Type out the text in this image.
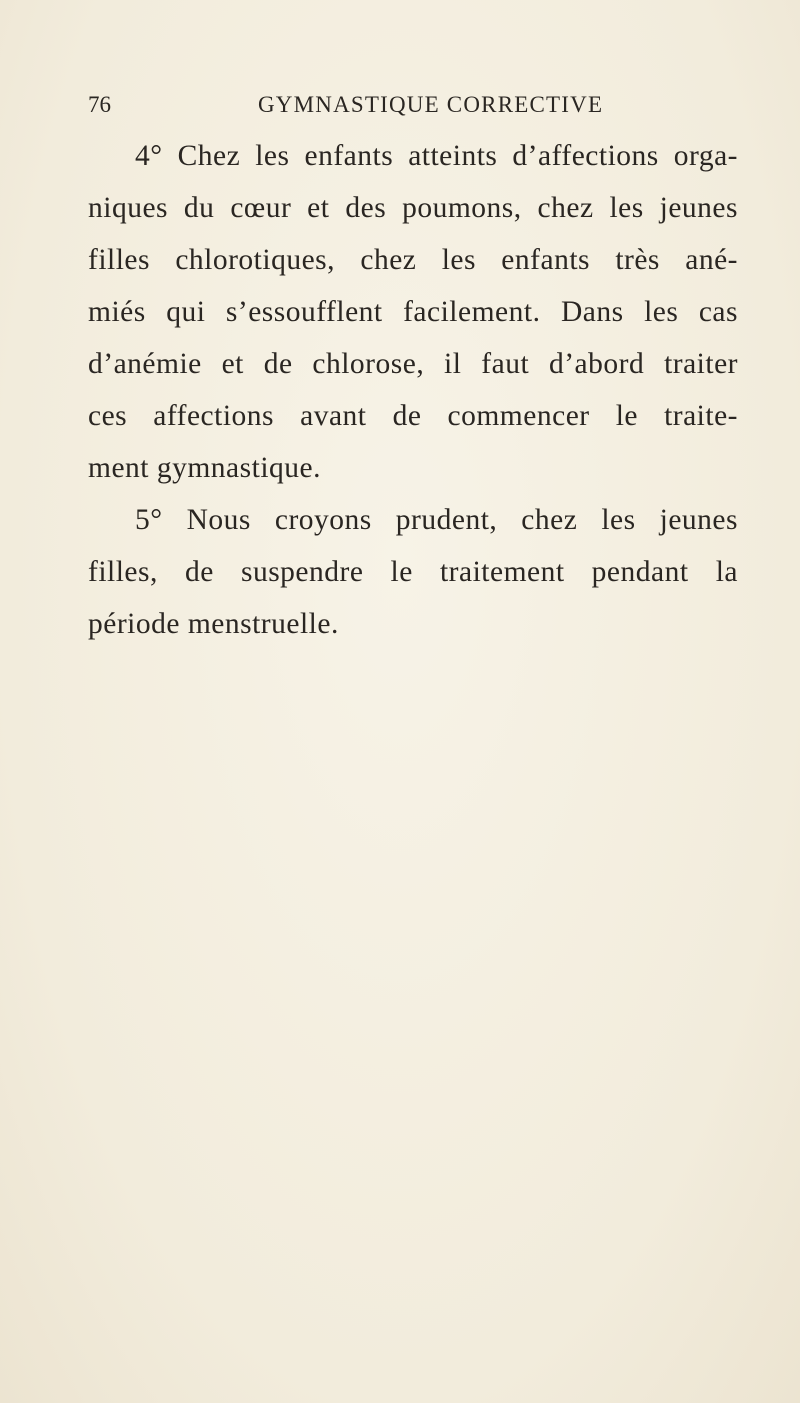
76	GYMNASTIQUE CORRECTIVE
4° Chez les enfants atteints d’affections orga-
niques du cœur et des poumons, chez les jeunes
filles chlorotiques, chez les enfants très ané-
miés qui s’essoufflent facilement. Dans les cas
d’anémie et de chlorose, il faut d’abord traiter
ces affections avant de commencer le traite-
ment gymnastique.
5° Nous croyons prudent, chez les jeunes
filles, de suspendre le traitement pendant la
période menstruelle.
